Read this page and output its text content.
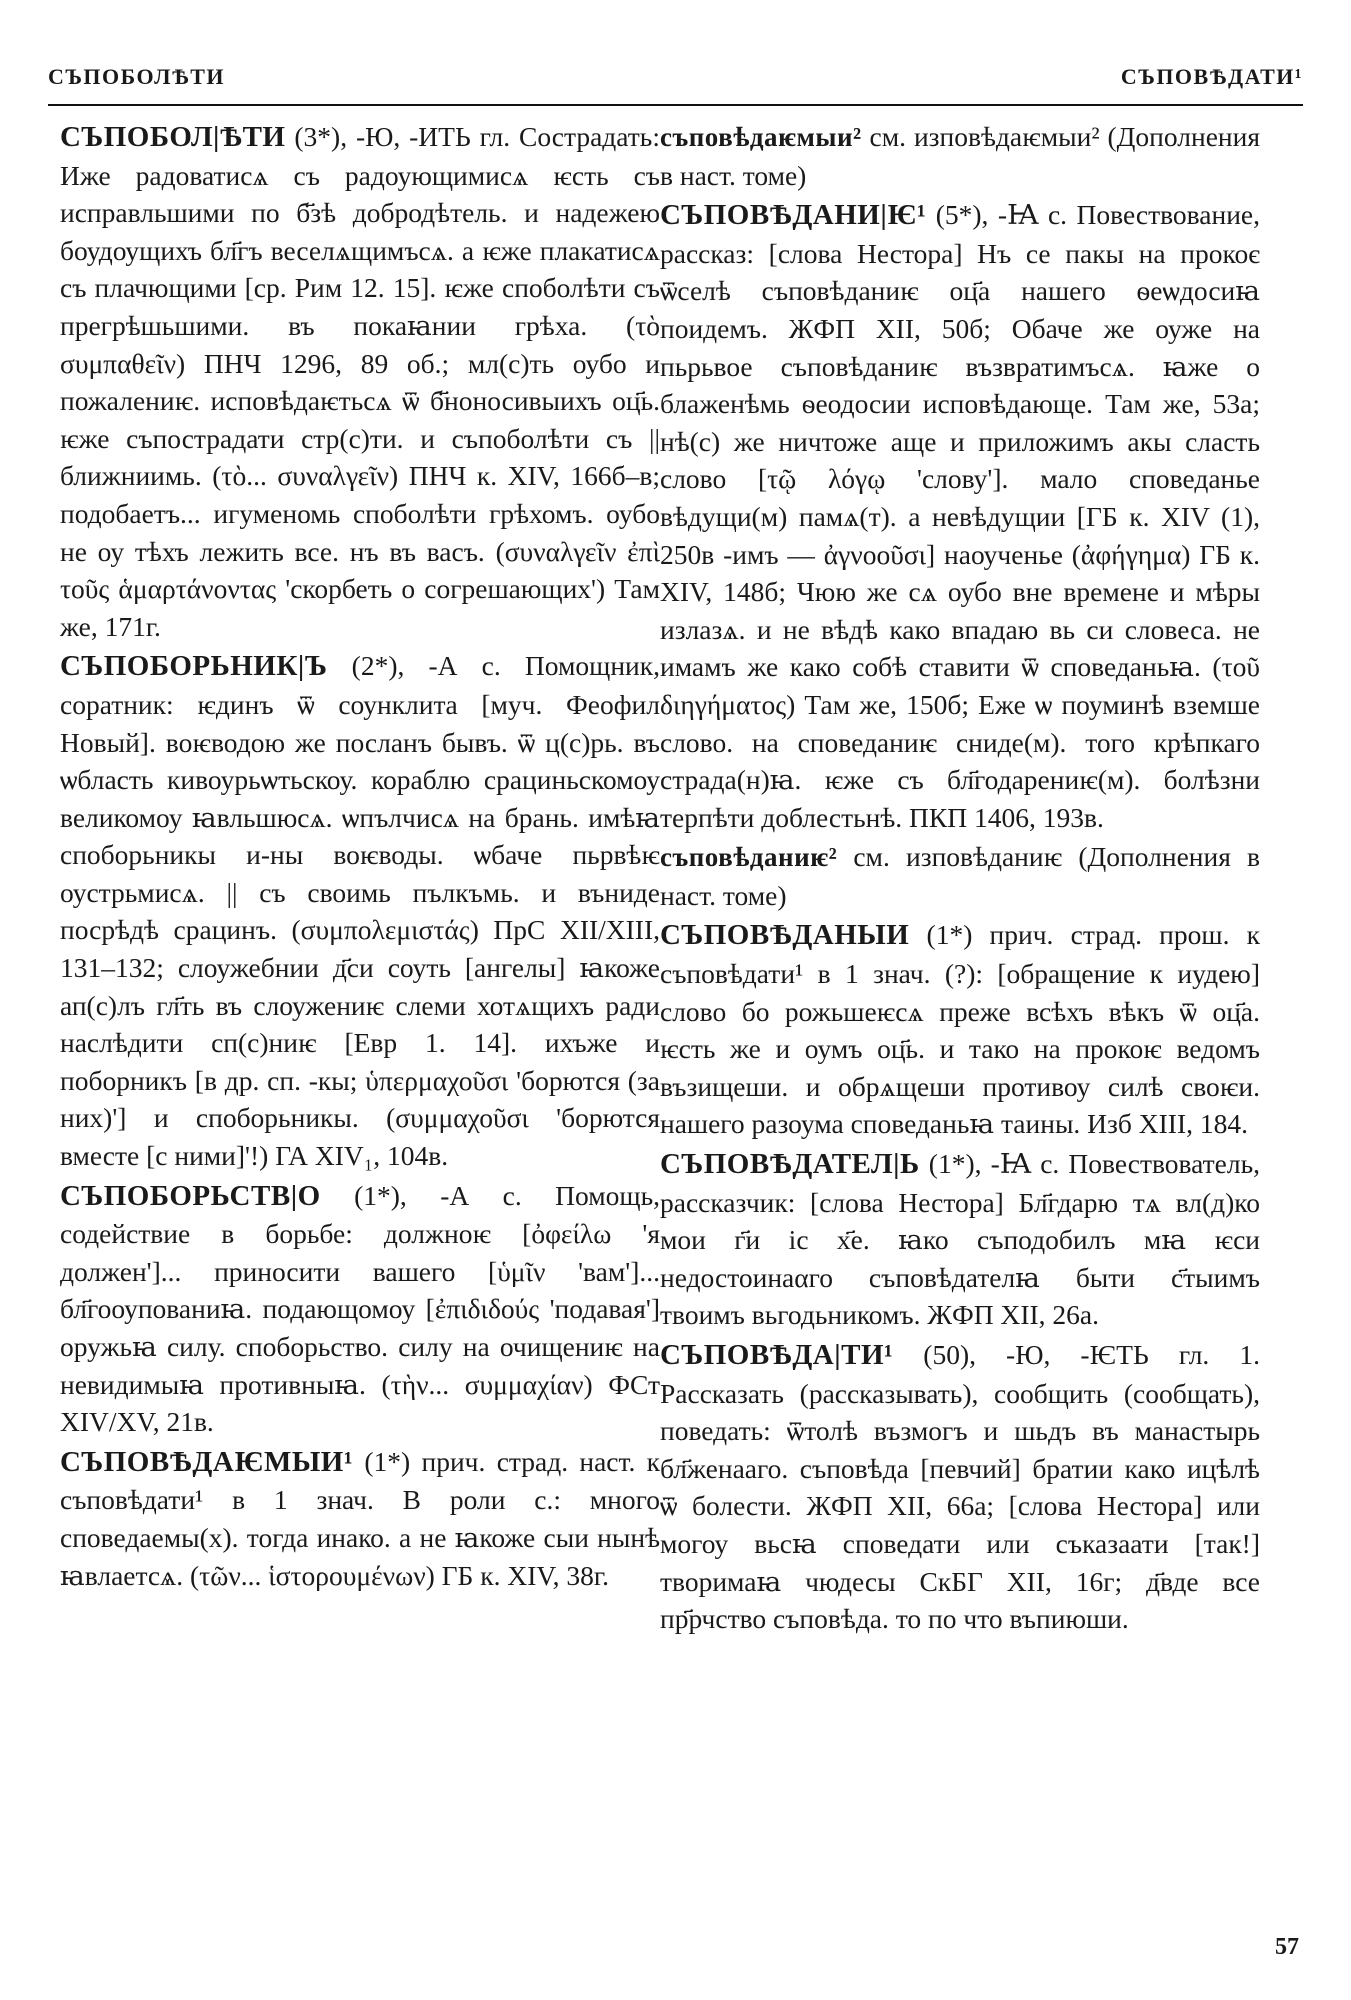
СЪПОБОЛѢТИ	СЪПОВѢДАТИ¹

СЪПОБОЛ|ѢТИ (3*), -Ю, -ИТЬ гл. Сострадать: Иже радоватисѧ съ радоующимисѧ ѥсть съ исправльшими по б҃зѣ добродѣтель. и надежею боудоущихъ бл҃гъ веселѧщимъсѧ. а ѥже плакатисѧ съ плачющими [ср. Рим 12. 15]. ѥже споболѣти съ прегрѣшьшими. въ покаꙗнии грѣха. (τὸ συμπαθεῖν) ПНЧ 1296, 89 об.; мл(с)ть оубо и пожалениѥ. исповѣдаѥтьсѧ ѿ б҃ноносивыихъ оц҃ь. ѥже съпострадати стр(с)ти. и съпоболѣти съ || ближниимь. (τὸ... συναλγεῖν) ПНЧ к. XIV, 166б–в; подобаетъ... игуменомь споболѣти грѣхомъ. оубо не оу тѣхъ лежить все. нъ въ васъ. (συναλγεῖν ἐπὶ τοῦς ἁμαρτάνοντας 'скорбеть о согрешающих') Там же, 171г.

СЪПОБОРЬНИК|Ъ (2*), -А с. Помощник, соратник: ѥдинъ ѿ соунклитa [муч. Феофил Новый]. воѥводою же посланъ бывъ. ѿ ц(с)рь. въ ѡбласть кивоурьѡтьскоу. кораблю срациньскомоу великомоу ꙗвльшюсѧ. ѡпълчисѧ на брань. имѣꙗ споборьникы и-ны воѥводы. ѡбаче пьрвѣѥ оустрьмисѧ. || съ своимь пълкъмь. и въниде посрѣдѣ срацинъ. (συμπολεμιστάς) ПрС XII/XIII, 131–132; слоужебнии д҃си соуть [ангелы] ꙗкоже ап(с)лъ гл҃ть въ слоужениѥ слеми хотѧщихъ ради наслѣдити сп(с)ниѥ [Евр 1. 14]. ихъже и поборникъ [в др. сп. -кы; ὑπερμαχοῦσι 'борются (за них)'] и споборьникы. (συμμαχοῦσι 'борются вместе [с ними]'!) ГА XIV₁, 104в.

СЪПОБОРЬСТВ|О (1*), -А с. Помощь, содействие в борьбе: должноѥ [ὀφείλω 'я должен']... приносити вашего [ὑμῖν 'вам']... бл҃гооупованиꙗ. подающомоу [ἐπιδιδούς 'подавая'] оружьꙗ силу. споборьство. силу на очищениѥ на невидимыꙗ противныꙗ. (τὴν... συμμαχίαν) ФСт XIV/XV, 21в.

СЪПОВѢДАѤМЫИ¹ (1*) прич. страд. наст. к съповѣдати¹ в 1 знач. В роли с.: много споведаемы(х). тогда инако. а не ꙗкоже сыи нынѣ ꙗвлаетсѧ. (τῶν... ἱστορουμένων) ГБ к. XIV, 38г.

съповѣдаѥмыи² см. изповѣдаѥмыи² (Дополнения в наст. томе)

СЪПОВѢДАНИ|Ѥ¹ (5*), -Ꙗ с. Повествование, рассказ: [слова Нестора] Нъ се пакы на прокоє ѿселѣ съповѣданиѥ оц҃а нашего ѳеѡдосиꙗ поидемъ. ЖФП XII, 50б; Обаче же оуже на пьрьвое съповѣданиѥ възвратимъсѧ. ꙗже о блаженѣмь ѳеодосии исповѣдающе. Там же, 53а; нѣ(с) же ничтоже аще и приложимъ акы сласть слово [τῷ λόγῳ 'слову']. мало споведанье вѣдущи(м) памѧ(т). а невѣдущии [ГБ к. XIV (1), 250в -имъ — ἀγνοοῦσι] наоученье (ἀφήγημα) ГБ к. XIV, 148б; Чюю же сѧ оубо вне времене и мѣры излазѧ. и не вѣдѣ како впадаю вь си словеса. не имамъ же како собѣ ставити ѿ споведаньꙗ. (τοῦ διηγήματος) Там же, 150б; Еже ѡ поуминѣ вземше слово. на споведаниѥ сниде(м). того крѣпкаго страда(н)ꙗ. ѥже съ бл҃годарениѥ(м). болѣзни терпѣти доблестьнѣ. ПКП 1406, 193в.

съповѣданиѥ² см. изповѣданиѥ (Дополнения в наст. томе)

СЪПОВѢДАНЫИ (1*) прич. страд. прош. к съповѣдати¹ в 1 знач. (?): [обращение к иудею] слово бо рожьшеѥсѧ преже всѣхъ вѣкъ ѿ оц҃а. ѥсть же и оумъ оц҃ь. и тако на прокоѥ ведомъ възищеши. и обрѧщеши противоу силѣ своѥи. нашего разоума споведаньꙗ таины. Изб XIII, 184.

СЪПОВѢДАТЕЛ|Ь (1*), -Ꙗ с. Повествователь, рассказчик: [слова Нестора] Бл҃гдарю тѧ вл(д)ко мои г҃и іс х҃е. ꙗко съподобилъ мꙗ ѥси недостоинаαго съповѣдателꙗ быти с҃тыимъ твоимъ вьгодьникомъ. ЖФП XII, 26а.

СЪПОВѢДА|ТИ¹ (50), -Ю, -ѤТЬ гл. 1. Рассказать (рассказывать), сообщить (сообщать), поведать: ѿтолѣ възмогъ и шьдъ въ манастырь бл҃женааго. съповѣда [певчий] братии како ицѣлѣ ѿ болести. ЖФП XII, 66а; [слова Нестора] или могоу вьсꙗ споведати или съказаати [так!] творимаꙗ чюдесы СкБГ XII, 16г; д҃вде все пр҃рчство съповѣда. то по что въпиюши.

57
